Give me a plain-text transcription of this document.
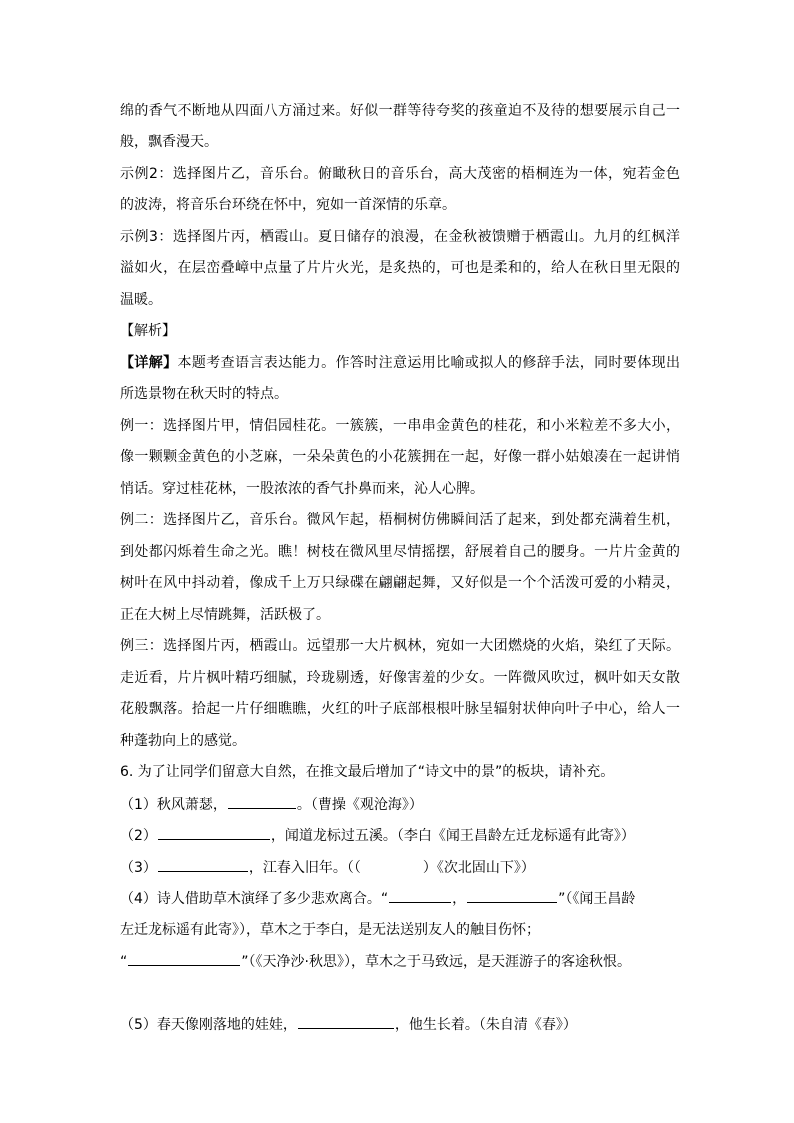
绵的香气不断地从四面八方涌过来。好似一群等待夸奖的孩童迫不及待的想要展示自己一
般，飘香漫天。
示例2：选择图片乙，音乐台。俯瞰秋日的音乐台，高大茂密的梧桐连为一体，宛若金色
的波涛，将音乐台环绕在怀中，宛如一首深情的乐章。
示例3：选择图片丙，栖霞山。夏日储存的浪漫，在金秋被馈赠于栖霞山。九月的红枫洋
溢如火，在层峦叠嶂中点量了片片火光，是炙热的，可也是柔和的，给人在秋日里无限的
温暖。
【解析】
【详解】本题考查语言表达能力。作答时注意运用比喻或拟人的修辞手法，同时要体现出
所选景物在秋天时的特点。
例一：选择图片甲，情侣园桂花。一簇簇，一串串金黄色的桂花，和小米粒差不多大小，
像一颗颗金黄色的小芝麻，一朵朵黄色的小花簇拥在一起，好像一群小姑娘凑在一起讲悄
悄话。穿过桂花林，一股浓浓的香气扑鼻而来，沁人心脾。
例二：选择图片乙，音乐台。微风乍起，梧桐树仿佛瞬间活了起来，到处都充满着生机，
到处都闪烁着生命之光。瞧！树枝在微风里尽情摇摆，舒展着自己的腰身。一片片金黄的
树叶在风中抖动着，像成千上万只绿碟在翩翩起舞，又好似是一个个活泼可爱的小精灵，
正在大树上尽情跳舞，活跃极了。
例三：选择图片丙，栖霞山。远望那一大片枫林，宛如一大团燃烧的火焰，染红了天际。
走近看，片片枫叶精巧细腻，玲珑剔透，好像害羞的少女。一阵微风吹过，枫叶如天女散
花般飘落。拾起一片仔细瞧瞧，火红的叶子底部根根叶脉呈辐射状伸向叶子中心，给人一
种蓬勃向上的感觉。
6. 为了让同学们留意大自然，在推文最后增加了“诗文中的景”的板块，请补充。
（1）秋风萧瑟，	。（曹操《观沧海》）
（2）	，闻道龙标过五溪。（李白《闻王昌龄左迁龙标遥有此寄》）
（3）	，江春入旧年。（（	）《次北固山下》）
（4）诗人借助草木演绎了多少悲欢离合。“	，	”（《闻王昌龄
左迁龙标遥有此寄》），草木之于李白，是无法送别友人的触目伤怀；
“	”（《天净沙·秋思》），草木之于马致远，是天涯游子的客途秋恨。
（5）春天像刚落地的娃娃，	，他生长着。（朱自清《春》）
